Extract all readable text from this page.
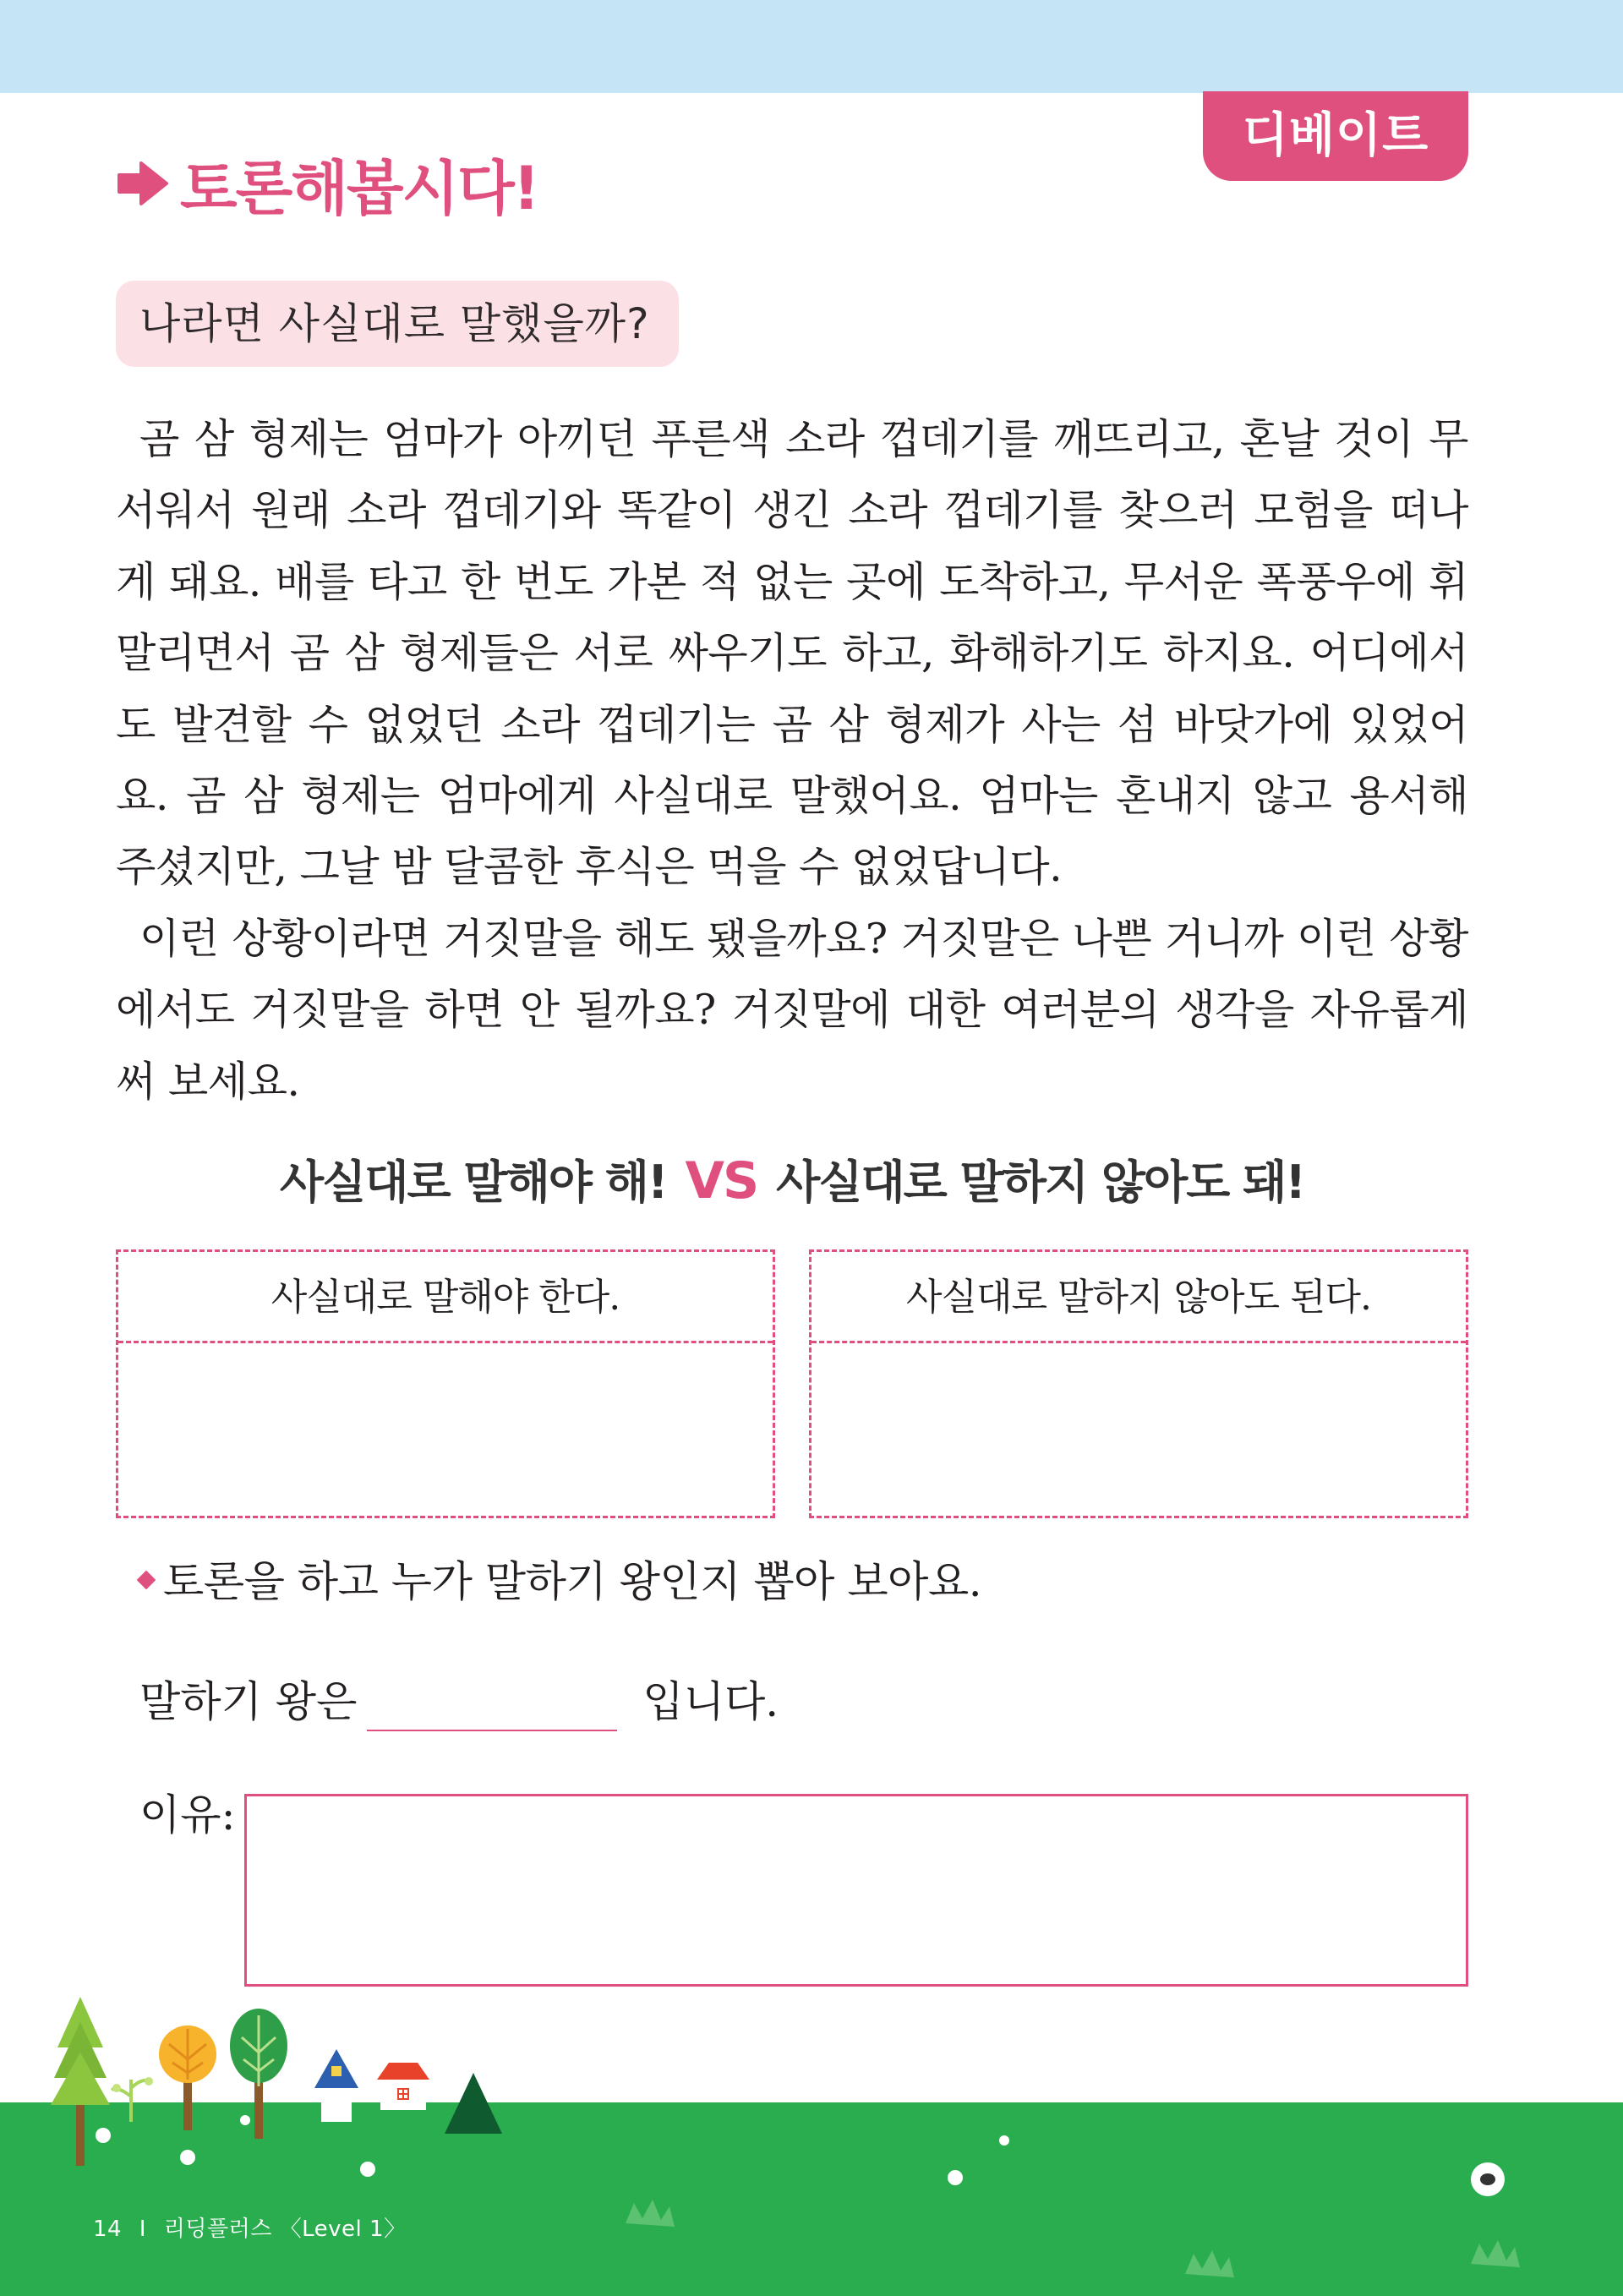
디베이트
토론해봅시다!
나라면 사실대로 말했을까?

곰 삼 형제는 엄마가 아끼던 푸른색 소라 껍데기를 깨뜨리고, 혼날 것이 무서워서 원래 소라 껍데기와 똑같이 생긴 소라 껍데기를 찾으러 모험을 떠나게 돼요. 배를 타고 한 번도 가본 적 없는 곳에 도착하고, 무서운 폭풍우에 휘말리면서 곰 삼 형제들은 서로 싸우기도 하고, 화해하기도 하지요. 어디에서도 발견할 수 없었던 소라 껍데기는 곰 삼 형제가 사는 섬 바닷가에 있었어요. 곰 삼 형제는 엄마에게 사실대로 말했어요. 엄마는 혼내지 않고 용서해 주셨지만, 그날 밤 달콤한 후식은 먹을 수 없었답니다.

이런 상황이라면 거짓말을 해도 됐을까요? 거짓말은 나쁜 거니까 이런 상황에서도 거짓말을 하면 안 될까요? 거짓말에 대한 여러분의 생각을 자유롭게 써 보세요.

사실대로 말해야 해! VS 사실대로 말하지 않아도 돼!
사실대로 말해야 한다.	사실대로 말하지 않아도 된다.
토론을 하고 누가 말하기 왕인지 뽑아 보아요.
말하기 왕은	입니다.
이유:
14 I 리딩플러스 〈Level 1〉
